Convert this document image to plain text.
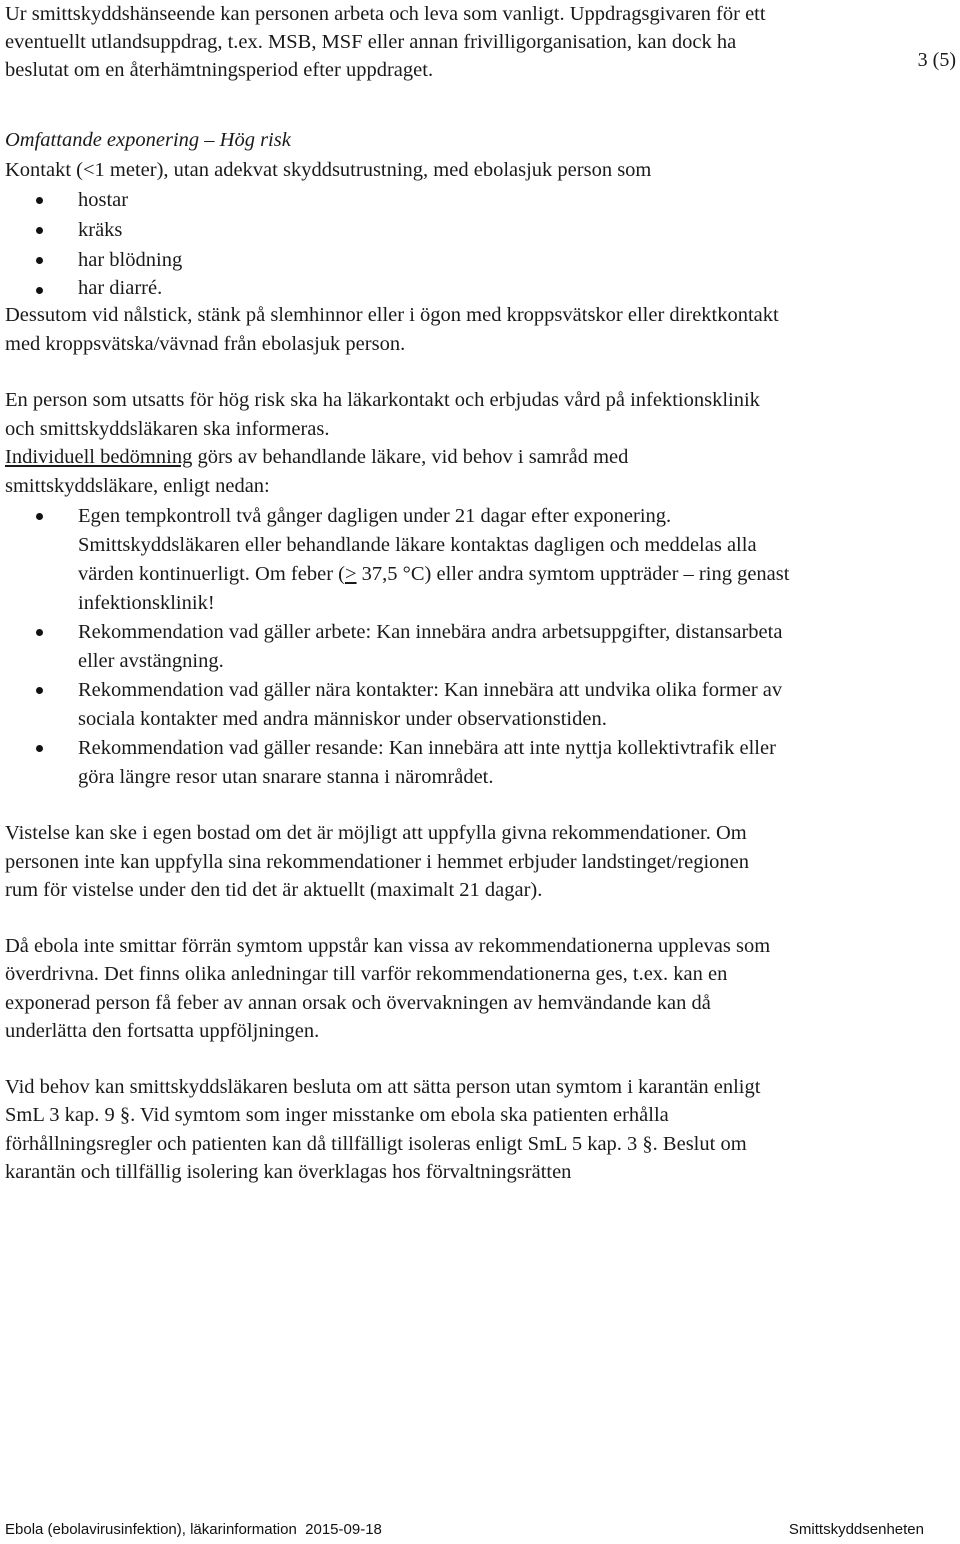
3 (5)

Ur smittskyddshänseende kan personen arbeta och leva som vanligt. Uppdragsgivaren för ett

eventuellt utlandsuppdrag, t.ex. MSB, MSF eller annan frivilligorganisation, kan dock ha

beslutat om en återhämtningsperiod efter uppdraget.

Omfattande exponering – Hög risk

Kontakt (<1 meter), utan adekvat skyddsutrustning, med ebolasjuk person som

hostar
kräks
har blödning
har diarré.

Dessutom vid nålstick, stänk på slemhinnor eller i ögon med kroppsvätskor eller direktkontakt

med kroppsvätska/vävnad från ebolasjuk person.

En person som utsatts för hög risk ska ha läkarkontakt och erbjudas vård på infektionsklinik

och smittskyddsläkaren ska informeras.

Individuell bedömning görs av behandlande läkare, vid behov i samråd med

smittskyddsläkare, enligt nedan:

Egen tempkontroll två gånger dagligen under 21 dagar efter exponering.
Smittskyddsläkaren eller behandlande läkare kontaktas dagligen och meddelas alla
värden kontinuerligt. Om feber (≥ 37,5 °C) eller andra symtom uppträder – ring genast
infektionsklinik!
Rekommendation vad gäller arbete: Kan innebära andra arbetsuppgifter, distansarbeta
eller avstängning.
Rekommendation vad gäller nära kontakter: Kan innebära att undvika olika former av
sociala kontakter med andra människor under observationstiden.
Rekommendation vad gäller resande: Kan innebära att inte nyttja kollektivtrafik eller
göra längre resor utan snarare stanna i närområdet.

Vistelse kan ske i egen bostad om det är möjligt att uppfylla givna rekommendationer. Om

personen inte kan uppfylla sina rekommendationer i hemmet erbjuder landstinget/regionen

rum för vistelse under den tid det är aktuellt (maximalt 21 dagar).

Då ebola inte smittar förrän symtom uppstår kan vissa av rekommendationerna upplevas som

överdrivna. Det finns olika anledningar till varför rekommendationerna ges, t.ex. kan en

exponerad person få feber av annan orsak och övervakningen av hemvändande kan då

underlätta den fortsatta uppföljningen.

Vid behov kan smittskyddsläkaren besluta om att sätta person utan symtom i karantän enligt

SmL 3 kap. 9 §. Vid symtom som inger misstanke om ebola ska patienten erhålla

förhållningsregler och patienten kan då tillfälligt isoleras enligt SmL 5 kap. 3 §. Beslut om

karantän och tillfällig isolering kan överklagas hos förvaltningsrätten

Ebola (ebolavirusinfektion), läkarinformation  2015-09-18	Smittskyddsenheten
